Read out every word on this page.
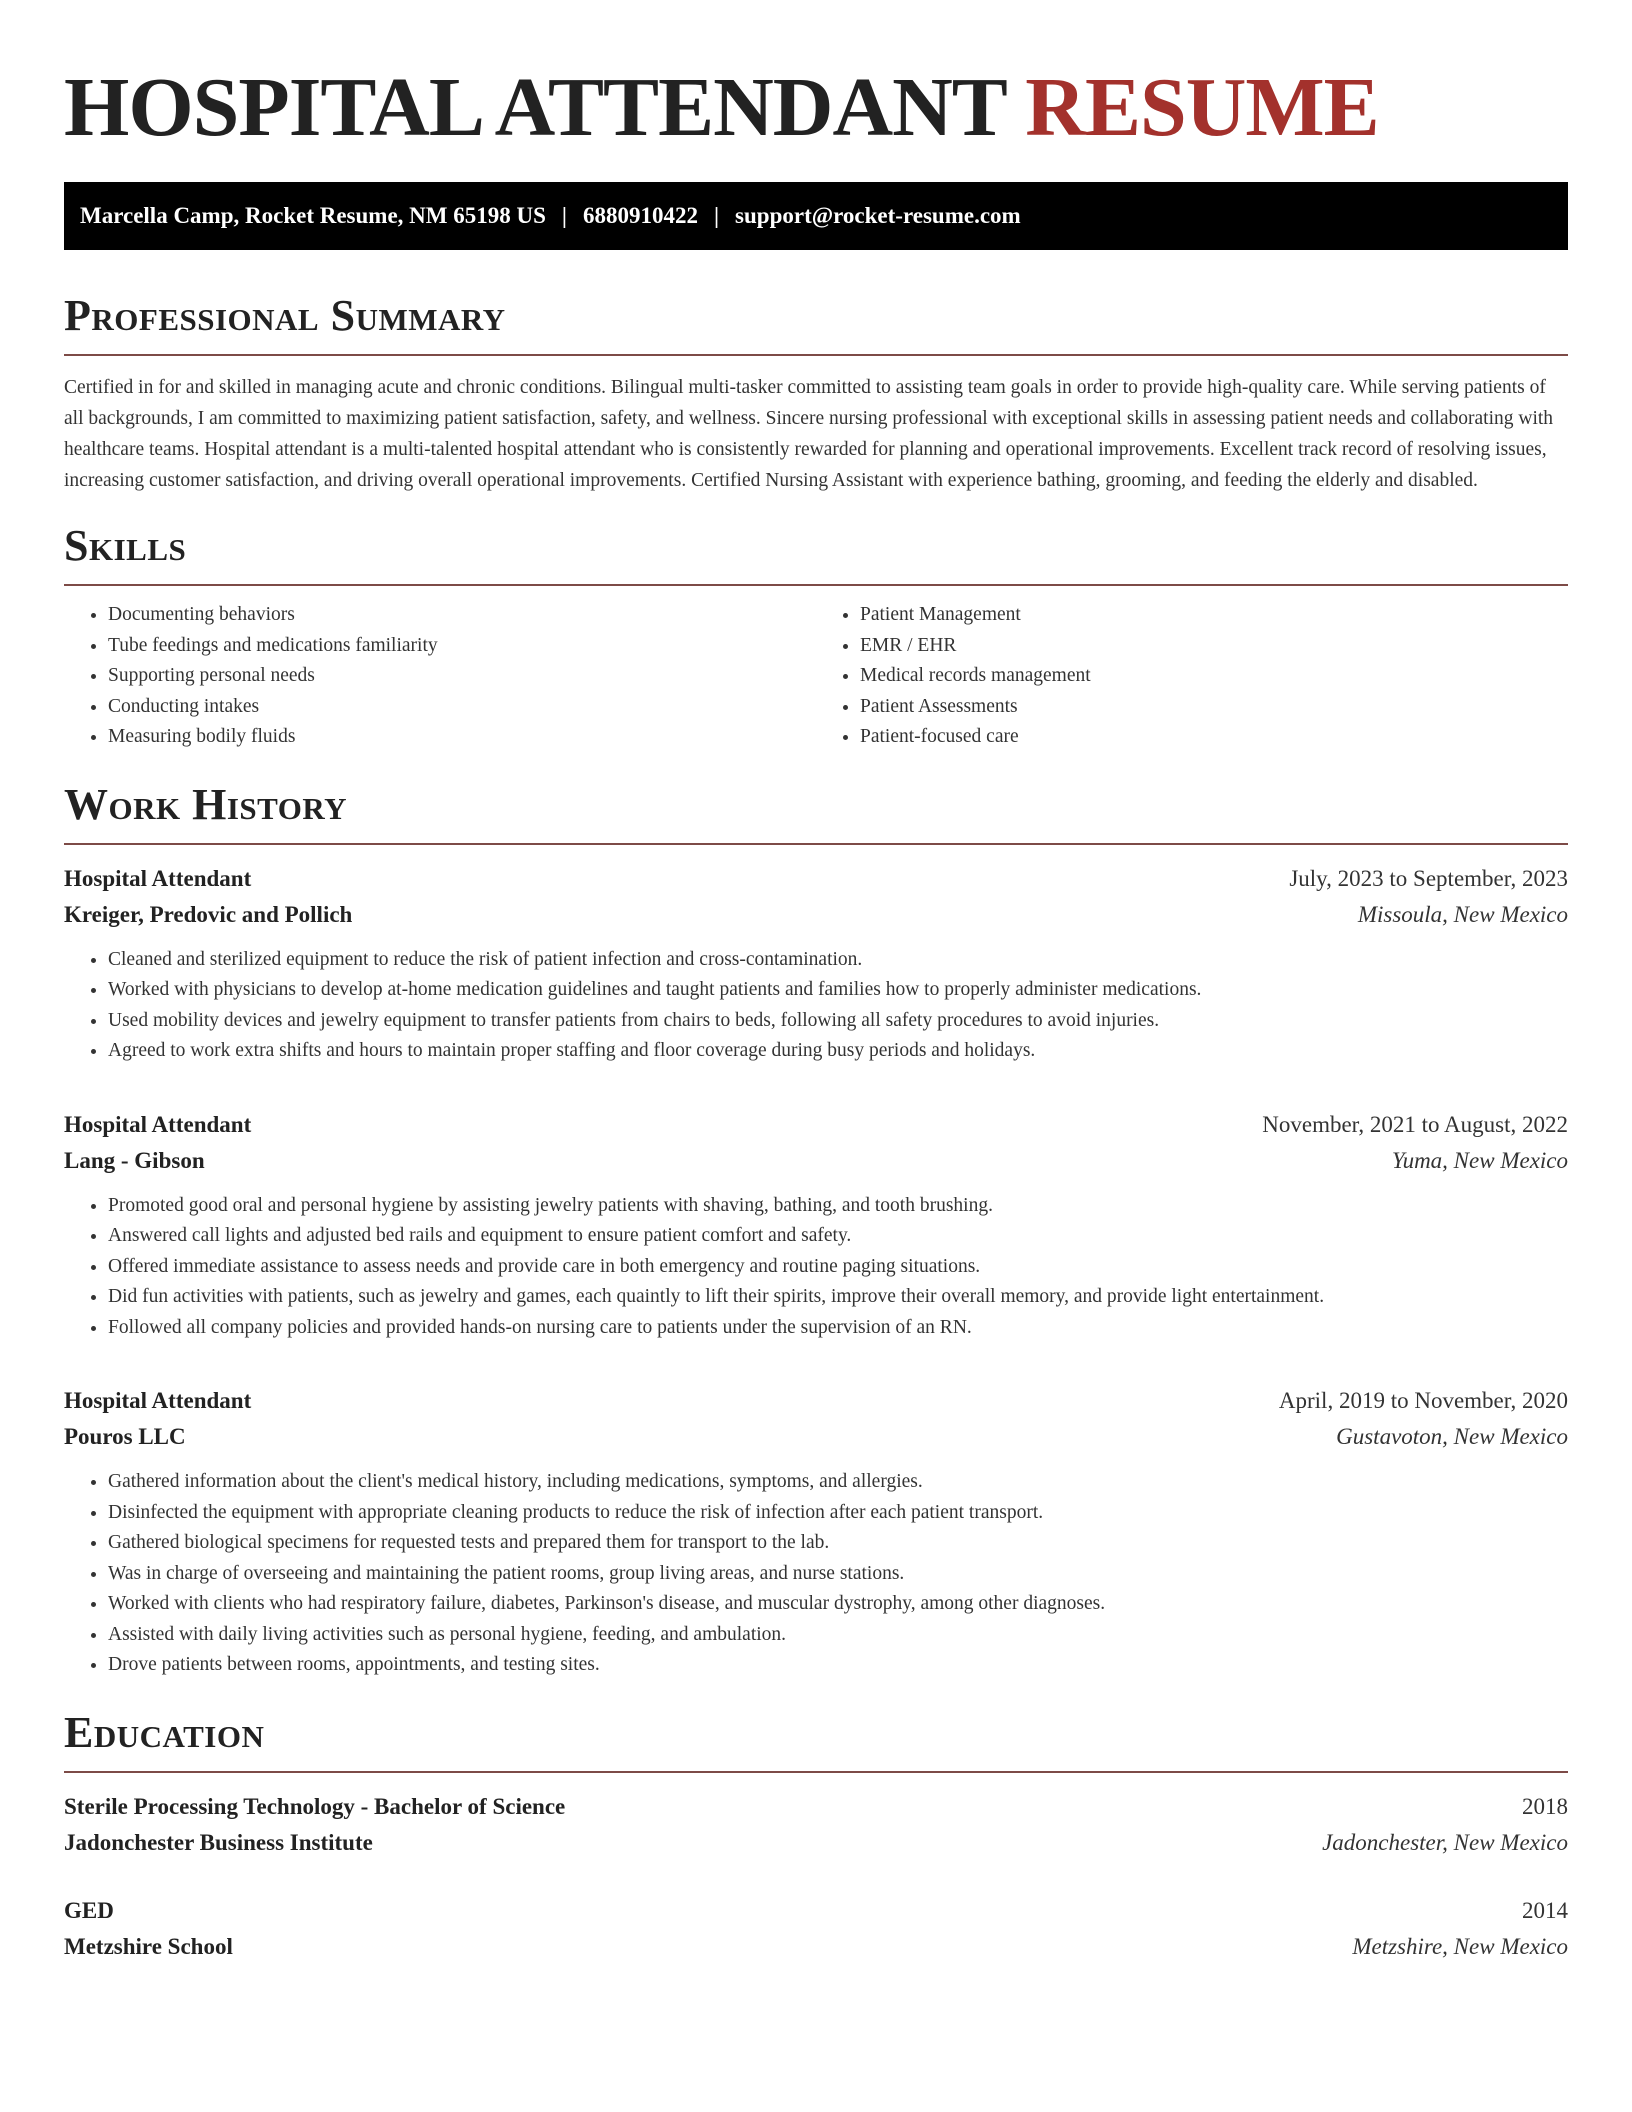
HOSPITAL ATTENDANT RESUME
Marcella Camp, Rocket Resume, NM 65198 US | 6880910422 | support@rocket-resume.com
Professional Summary

Certified in for and skilled in managing acute and chronic conditions. Bilingual multi-tasker committed to assisting team goals in order to provide high-quality care. While serving patients of all backgrounds, I am committed to maximizing patient satisfaction, safety, and wellness. Sincere nursing professional with exceptional skills in assessing patient needs and collaborating with healthcare teams. Hospital attendant is a multi-talented hospital attendant who is consistently rewarded for planning and operational improvements. Excellent track record of resolving issues, increasing customer satisfaction, and driving overall operational improvements. Certified Nursing Assistant with experience bathing, grooming, and feeding the elderly and disabled.

Skills
• Documenting behaviors
• Tube feedings and medications familiarity
• Supporting personal needs
• Conducting intakes
• Measuring bodily fluids
• Patient Management
• EMR / EHR
• Medical records management
• Patient Assessments
• Patient-focused care
Work History
Hospital Attendant	July, 2023 to September, 2023
Kreiger, Predovic and Pollich	Missoula, New Mexico
• Cleaned and sterilized equipment to reduce the risk of patient infection and cross-contamination.
• Worked with physicians to develop at-home medication guidelines and taught patients and families how to properly administer medications.
• Used mobility devices and jewelry equipment to transfer patients from chairs to beds, following all safety procedures to avoid injuries.
• Agreed to work extra shifts and hours to maintain proper staffing and floor coverage during busy periods and holidays.
Hospital Attendant	November, 2021 to August, 2022
Lang - Gibson	Yuma, New Mexico
• Promoted good oral and personal hygiene by assisting jewelry patients with shaving, bathing, and tooth brushing.
• Answered call lights and adjusted bed rails and equipment to ensure patient comfort and safety.
• Offered immediate assistance to assess needs and provide care in both emergency and routine paging situations.
• Did fun activities with patients, such as jewelry and games, each quaintly to lift their spirits, improve their overall memory, and provide light entertainment.
• Followed all company policies and provided hands-on nursing care to patients under the supervision of an RN.
Hospital Attendant	April, 2019 to November, 2020
Pouros LLC	Gustavoton, New Mexico
• Gathered information about the client's medical history, including medications, symptoms, and allergies.
• Disinfected the equipment with appropriate cleaning products to reduce the risk of infection after each patient transport.
• Gathered biological specimens for requested tests and prepared them for transport to the lab.
• Was in charge of overseeing and maintaining the patient rooms, group living areas, and nurse stations.
• Worked with clients who had respiratory failure, diabetes, Parkinson's disease, and muscular dystrophy, among other diagnoses.
• Assisted with daily living activities such as personal hygiene, feeding, and ambulation.
• Drove patients between rooms, appointments, and testing sites.
Education
Sterile Processing Technology - Bachelor of Science	2018
Jadonchester Business Institute	Jadonchester, New Mexico
GED	2014
Metzshire School	Metzshire, New Mexico
